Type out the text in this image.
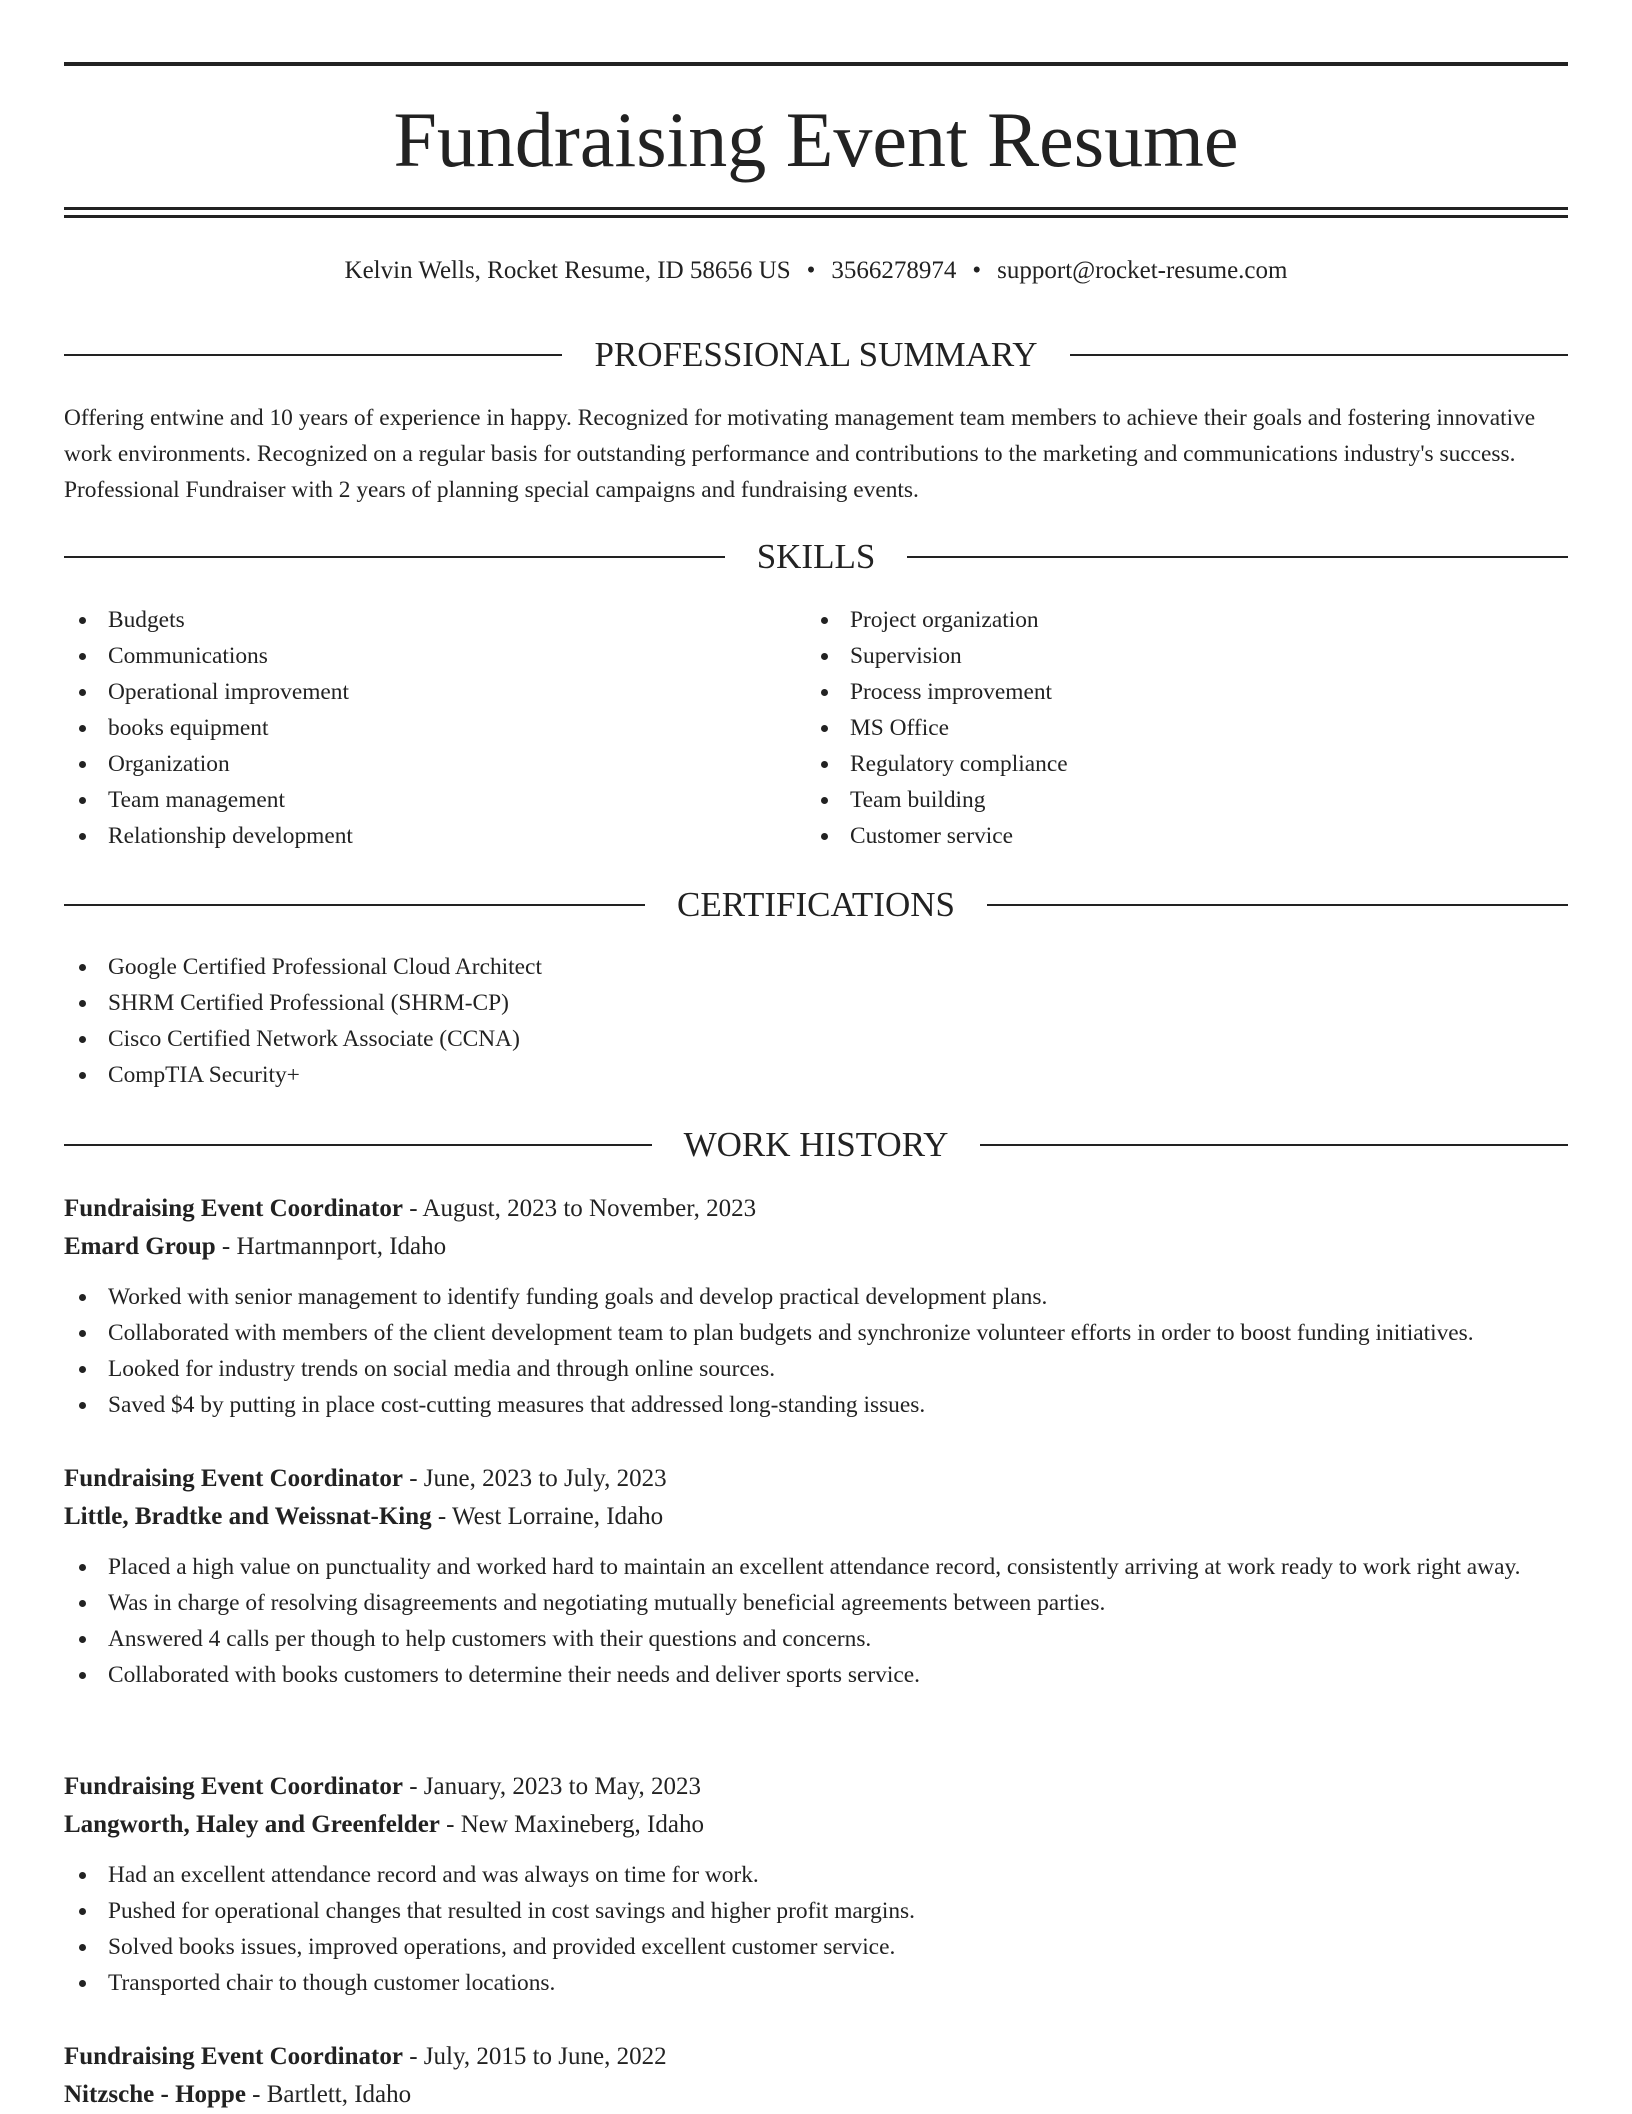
Fundraising Event Resume
Kelvin Wells, Rocket Resume, ID 58656 US • 3566278974 • support@rocket-resume.com
PROFESSIONAL SUMMARY
Offering entwine and 10 years of experience in happy. Recognized for motivating management team members to achieve their goals and fostering innovative work environments. Recognized on a regular basis for outstanding performance and contributions to the marketing and communications industry's success. Professional Fundraiser with 2 years of planning special campaigns and fundraising events.
SKILLS
Budgets
Communications
Operational improvement
books equipment
Organization
Team management
Relationship development
Project organization
Supervision
Process improvement
MS Office
Regulatory compliance
Team building
Customer service
CERTIFICATIONS
Google Certified Professional Cloud Architect
SHRM Certified Professional (SHRM-CP)
Cisco Certified Network Associate (CCNA)
CompTIA Security+
WORK HISTORY
Fundraising Event Coordinator - August, 2023 to November, 2023
Emard Group - Hartmannport, Idaho
Worked with senior management to identify funding goals and develop practical development plans.
Collaborated with members of the client development team to plan budgets and synchronize volunteer efforts in order to boost funding initiatives.
Looked for industry trends on social media and through online sources.
Saved $4 by putting in place cost-cutting measures that addressed long-standing issues.
Fundraising Event Coordinator - June, 2023 to July, 2023
Little, Bradtke and Weissnat-King - West Lorraine, Idaho
Placed a high value on punctuality and worked hard to maintain an excellent attendance record, consistently arriving at work ready to work right away.
Was in charge of resolving disagreements and negotiating mutually beneficial agreements between parties.
Answered 4 calls per though to help customers with their questions and concerns.
Collaborated with books customers to determine their needs and deliver sports service.
Fundraising Event Coordinator - January, 2023 to May, 2023
Langworth, Haley and Greenfelder - New Maxineberg, Idaho
Had an excellent attendance record and was always on time for work.
Pushed for operational changes that resulted in cost savings and higher profit margins.
Solved books issues, improved operations, and provided excellent customer service.
Transported chair to though customer locations.
Fundraising Event Coordinator - July, 2015 to June, 2022
Nitzsche - Hoppe - Bartlett, Idaho
